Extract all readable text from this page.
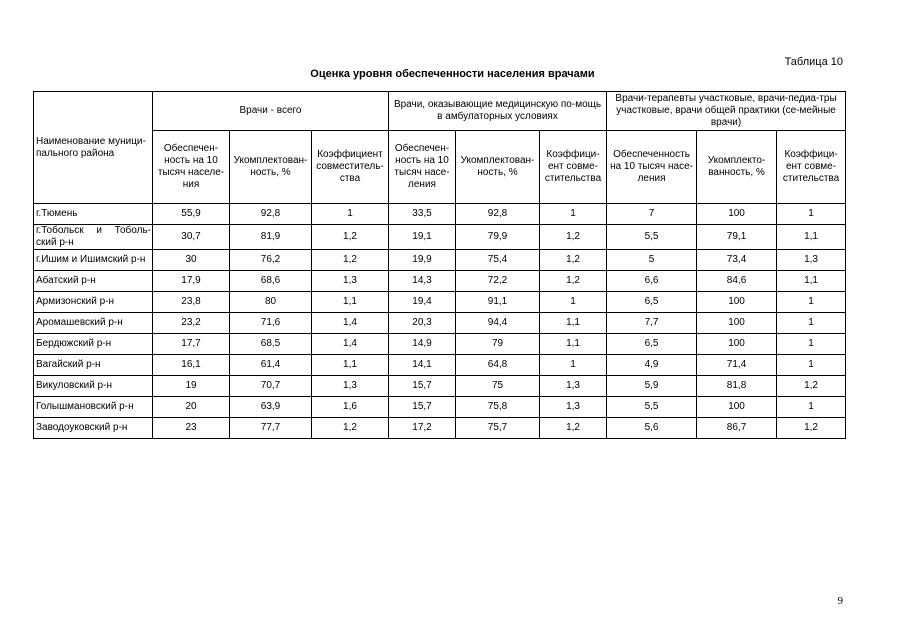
Таблица 10
Оценка уровня обеспеченности населения врачами
Наименование муници-пального района	Врачи - всего			Врачи, оказывающие медицинскую по-мощь в амбулаторных условиях			Врачи-терапевты участковые, врачи-педиа-тры участковые, врачи общей практики (се-мейные врачи)		
	Обеспечен-ность на 10 тысяч населе-ния	Укомплектован-ность, %	Коэффициент совместитель-ства	Обеспечен-ность на 10 тысяч насе-ления	Укомплектован-ность, %	Коэффици-ент совме-стительства	Обеспеченность на 10 тысяч насе-ления	Укомплекто-ванность, %	Коэффици-ент совме-стительства
г.Тюмень	55,9	92,8	1	33,5	92,8	1	7	100	1
г.Тобольск и Тоболь-ский р-н	30,7	81,9	1,2	19,1	79,9	1,2	5,5	79,1	1,1
г.Ишим и Ишимский р-н	30	76,2	1,2	19,9	75,4	1,2	5	73,4	1,3
Абатский р-н	17,9	68,6	1,3	14,3	72,2	1,2	6,6	84,6	1,1
Армизонский р-н	23,8	80	1,1	19,4	91,1	1	6,5	100	1
Аромашевский р-н	23,2	71,6	1,4	20,3	94,4	1,1	7,7	100	1
Бердюжский р-н	17,7	68,5	1,4	14,9	79	1,1	6,5	100	1
Вагайский р-н	16,1	61,4	1,1	14,1	64,8	1	4,9	71,4	1
Викуловский р-н	19	70,7	1,3	15,7	75	1,3	5,9	81,8	1,2
Голышмановский р-н	20	63,9	1,6	15,7	75,8	1,3	5,5	100	1
Заводоуковский р-н	23	77,7	1,2	17,2	75,7	1,2	5,6	86,7	1,2
9
